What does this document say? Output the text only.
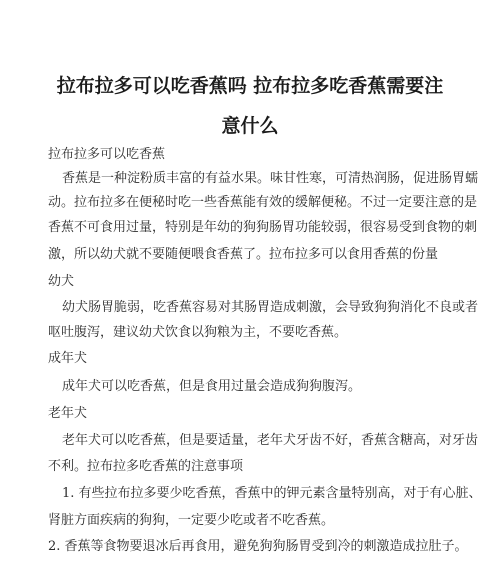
拉布拉多可以吃香蕉吗 拉布拉多吃香蕉需要注
意什么
拉布拉多可以吃香蕉
香蕉是一种淀粉质丰富的有益水果。味甘性寒，可清热润肠，促进肠胃蠕
动。拉布拉多在便秘时吃一些香蕉能有效的缓解便秘。不过一定要注意的是
香蕉不可食用过量，特别是年幼的狗狗肠胃功能较弱，很容易受到食物的刺
激，所以幼犬就不要随便喂食香蕉了。拉布拉多可以食用香蕉的份量
幼犬
幼犬肠胃脆弱，吃香蕉容易对其肠胃造成刺激，会导致狗狗消化不良或者
呕吐腹泻，建议幼犬饮食以狗粮为主，不要吃香蕉。
成年犬
成年犬可以吃香蕉，但是食用过量会造成狗狗腹泻。
老年犬
老年犬可以吃香蕉，但是要适量，老年犬牙齿不好，香蕉含糖高，对牙齿
不利。拉布拉多吃香蕉的注意事项
1. 有些拉布拉多要少吃香蕉，香蕉中的钾元素含量特别高，对于有心脏、
肾脏方面疾病的狗狗，一定要少吃或者不吃香蕉。
2. 香蕉等食物要退冰后再食用，避免狗狗肠胃受到冷的刺激造成拉肚子。
